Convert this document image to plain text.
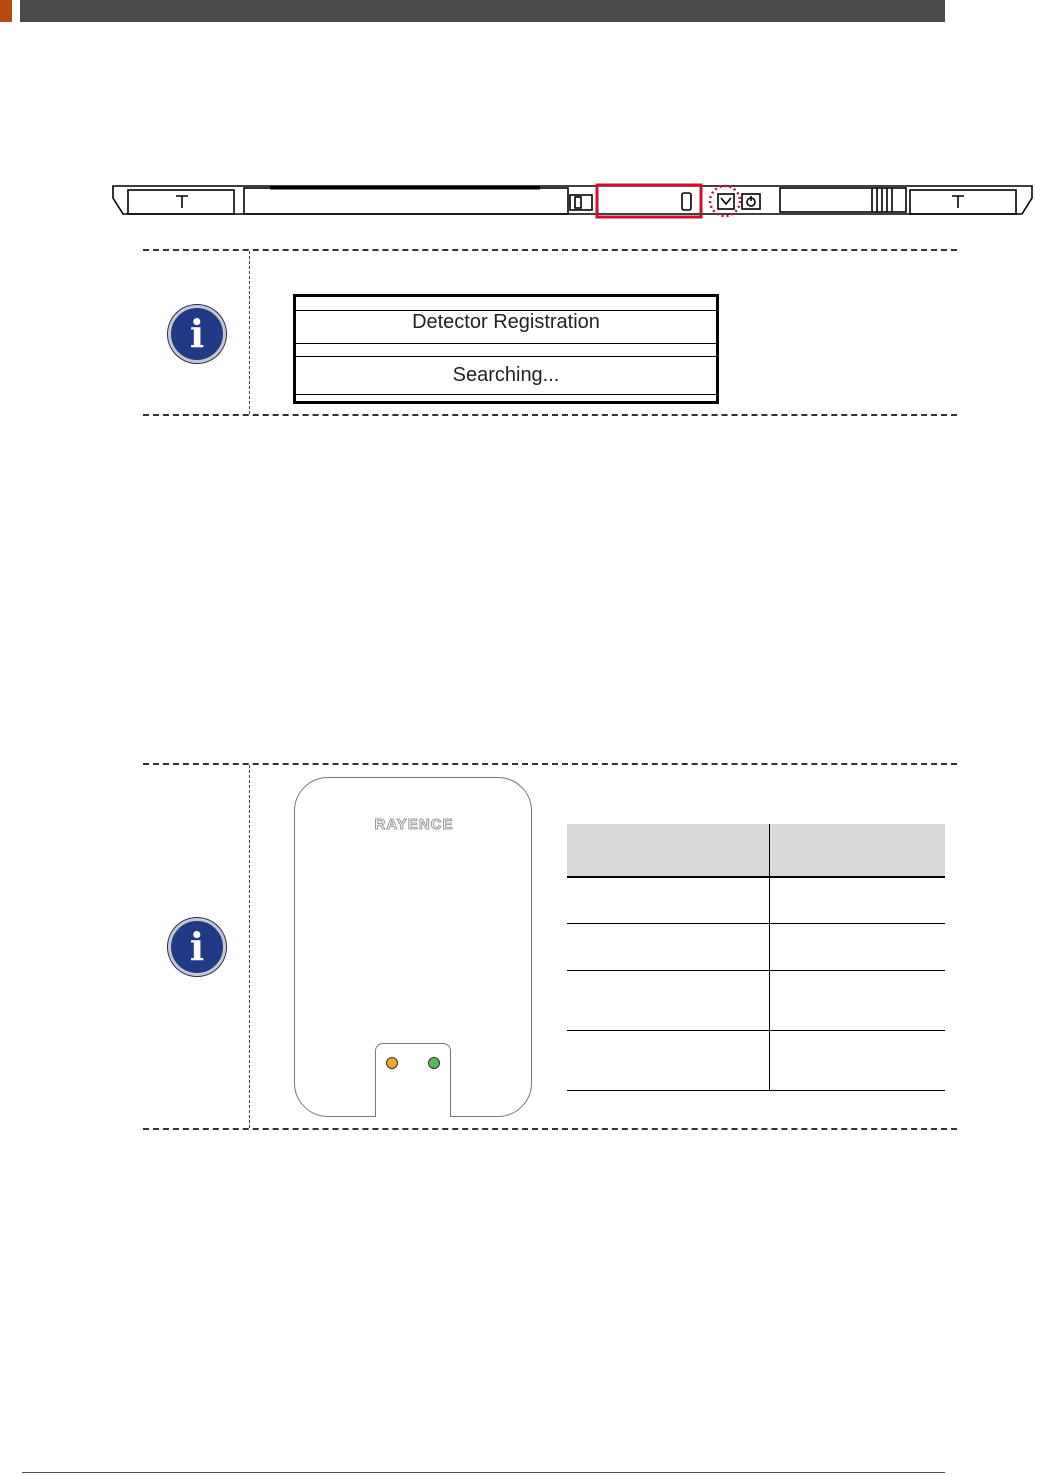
i	Detector Registration
Searching...
i
RAYENCE
